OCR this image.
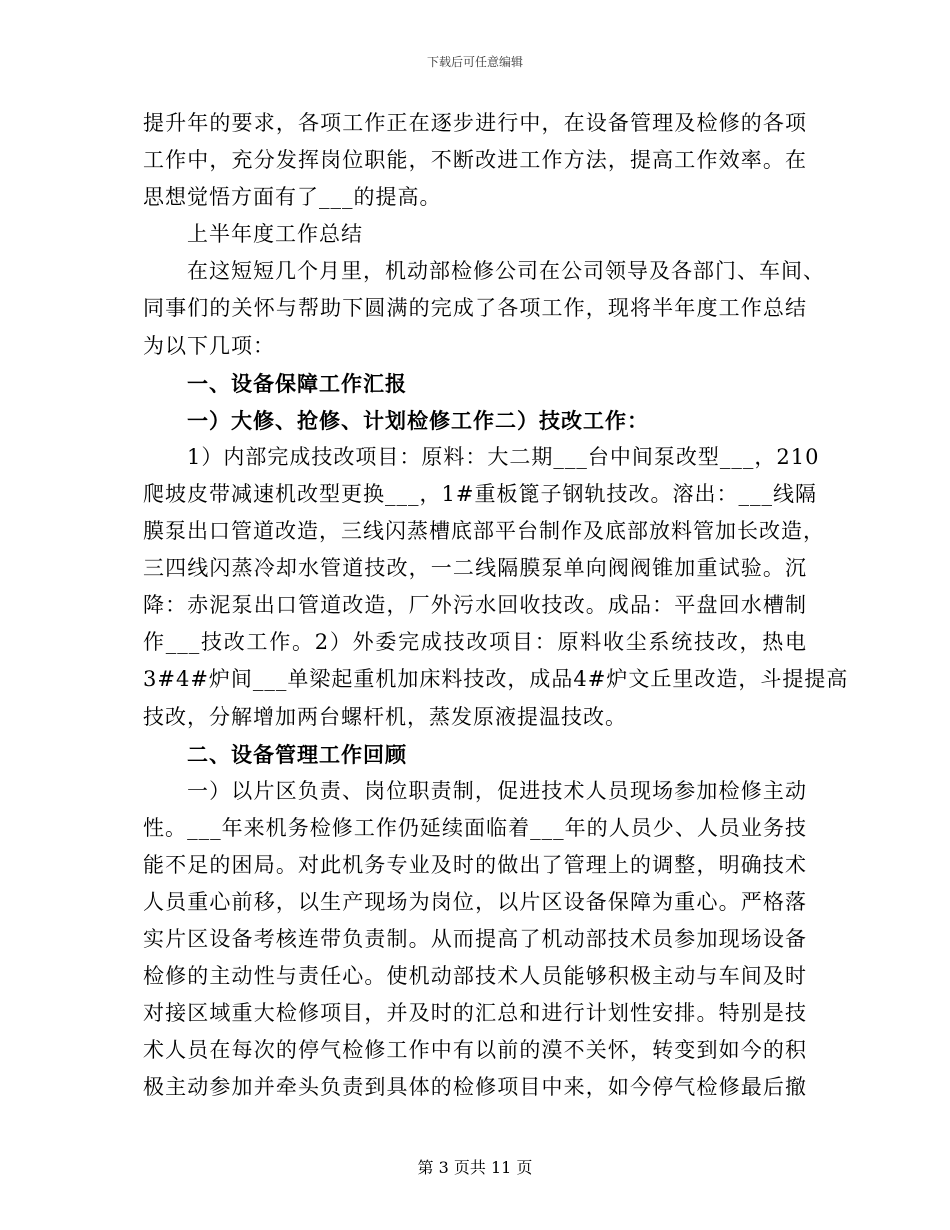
下载后可任意编辑
提升年的要求，各项工作正在逐步进行中，在设备管理及检修的各项
工作中，充分发挥岗位职能，不断改进工作方法，提高工作效率。在
思想觉悟方面有了___的提高。
上半年度工作总结
在这短短几个月里，机动部检修公司在公司领导及各部门、车间、
同事们的关怀与帮助下圆满的完成了各项工作，现将半年度工作总结
为以下几项：
一、设备保障工作汇报
一）大修、抢修、计划检修工作二）技改工作：
1）内部完成技改项目：原料：大二期___台中间泵改型___，210
爬坡皮带减速机改型更换___，1#重板篦子钢轨技改。溶出：___线隔
膜泵出口管道改造，三线闪蒸槽底部平台制作及底部放料管加长改造，
三四线闪蒸冷却水管道技改，一二线隔膜泵单向阀阀锥加重试验。沉
降：赤泥泵出口管道改造，厂外污水回收技改。成品：平盘回水槽制
作___技改工作。2）外委完成技改项目：原料收尘系统技改，热电
3#4#炉间___单梁起重机加床料技改，成品4#炉文丘里改造，斗提提高
技改，分解增加两台螺杆机，蒸发原液提温技改。
二、设备管理工作回顾
一）以片区负责、岗位职责制，促进技术人员现场参加检修主动
性。___年来机务检修工作仍延续面临着___年的人员少、人员业务技
能不足的困局。对此机务专业及时的做出了管理上的调整，明确技术
人员重心前移，以生产现场为岗位，以片区设备保障为重心。严格落
实片区设备考核连带负责制。从而提高了机动部技术员参加现场设备
检修的主动性与责任心。使机动部技术人员能够积极主动与车间及时
对接区域重大检修项目，并及时的汇总和进行计划性安排。特别是技
术人员在每次的停气检修工作中有以前的漠不关怀，转变到如今的积
极主动参加并牵头负责到具体的检修项目中来，如今停气检修最后撤
第 3 页共 11 页
